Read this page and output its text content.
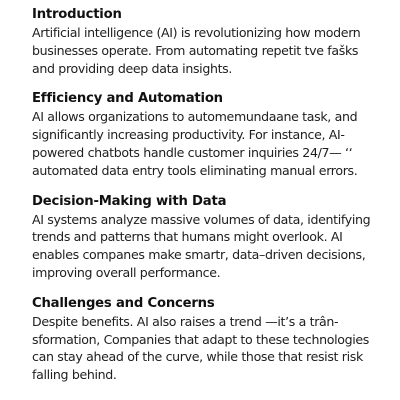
Introduction

Artificial intelligence (AI) is revolutionizing how modern

businesses operate. From automating repetit tve fašks

and providing deep data insights.

Efficiency and Automation

AI allows organizations to automemundaane task, and

significantly increasing productivity. For instance, AI-

powered chatbots handle customer inquiries 24/7— ‘‘

automated data entry tools eliminating manual errors.

Decision-Making with Data

AI systems analyze massive volumes of data, identifying

trends and patterns that humans might overlook. AI

enables companes make smartr, data–driven decisions,

improving overall performance.

Challenges and Concerns

Despite benefits. AI also raises a trend —it’s a trân-

sformation, Companies that adapt to these technologies

can stay ahead of the curve, while those that resist risk

falling behind.
